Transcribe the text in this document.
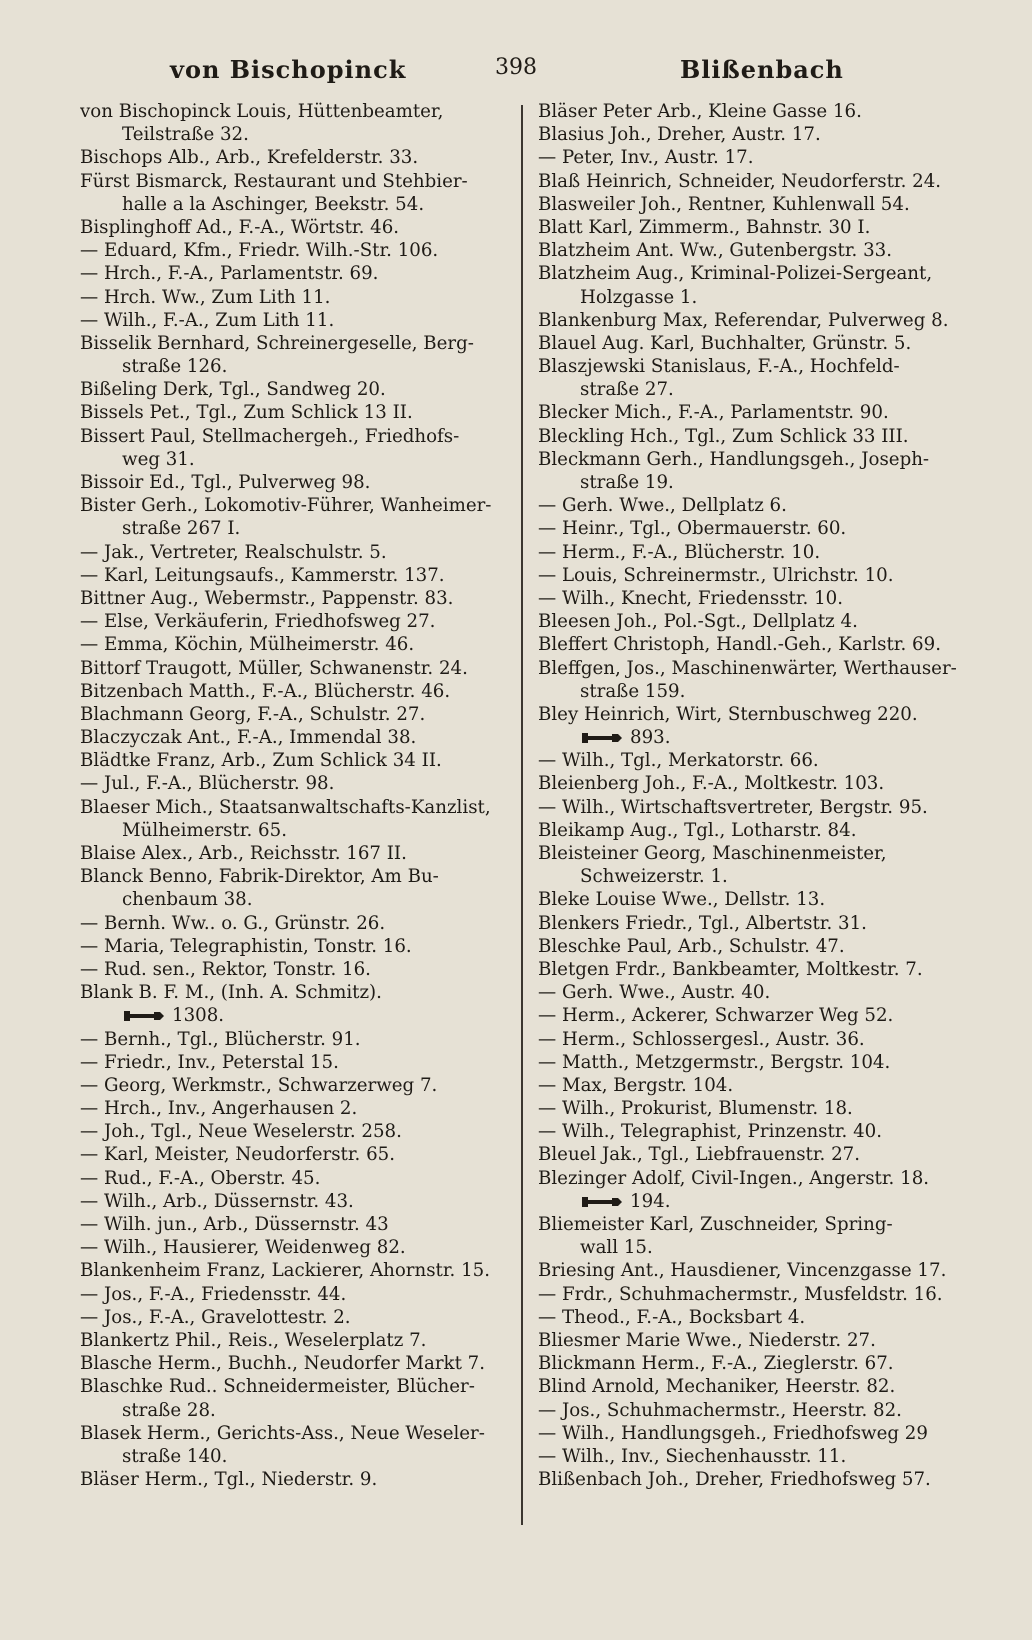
von Bischopinck	398	Blißenbach
von Bischopinck Louis, Hüttenbeamter,
Teilstraße 32.
Bischops Alb., Arb., Krefelderstr. 33.
Fürst Bismarck, Restaurant und Stehbier-
halle a la Aschinger, Beekstr. 54.
Bisplinghoff Ad., F.-A., Wörtstr. 46.
— Eduard, Kfm., Friedr. Wilh.-Str. 106.
— Hrch., F.-A., Parlamentstr. 69.
— Hrch. Ww., Zum Lith 11.
— Wilh., F.-A., Zum Lith 11.
Bisselik Bernhard, Schreinergeselle, Berg-
straße 126.
Bißeling Derk, Tgl., Sandweg 20.
Bissels Pet., Tgl., Zum Schlick 13 II.
Bissert Paul, Stellmachergeh., Friedhofs-
weg 31.
Bissoir Ed., Tgl., Pulverweg 98.
Bister Gerh., Lokomotiv-Führer, Wanheimer-
straße 267 I.
— Jak., Vertreter, Realschulstr. 5.
— Karl, Leitungsaufs., Kammerstr. 137.
Bittner Aug., Webermstr., Pappenstr. 83.
— Else, Verkäuferin, Friedhofsweg 27.
— Emma, Köchin, Mülheimerstr. 46.
Bittorf Traugott, Müller, Schwanenstr. 24.
Bitzenbach Matth., F.-A., Blücherstr. 46.
Blachmann Georg, F.-A., Schulstr. 27.
Blaczyczak Ant., F.-A., Immendal 38.
Blädtke Franz, Arb., Zum Schlick 34 II.
— Jul., F.-A., Blücherstr. 98.
Blaeser Mich., Staatsanwaltschafts-Kanzlist,
Mülheimerstr. 65.
Blaise Alex., Arb., Reichsstr. 167 II.
Blanck Benno, Fabrik-Direktor, Am Bu-
chenbaum 38.
— Bernh. Ww.. o. G., Grünstr. 26.
— Maria, Telegraphistin, Tonstr. 16.
— Rud. sen., Rektor, Tonstr. 16.
Blank B. F. M., (Inh. A. Schmitz).
1308.
— Bernh., Tgl., Blücherstr. 91.
— Friedr., Inv., Peterstal 15.
— Georg, Werkmstr., Schwarzerweg 7.
— Hrch., Inv., Angerhausen 2.
— Joh., Tgl., Neue Weselerstr. 258.
— Karl, Meister, Neudorferstr. 65.
— Rud., F.-A., Oberstr. 45.
— Wilh., Arb., Düssernstr. 43.
— Wilh. jun., Arb., Düssernstr. 43
— Wilh., Hausierer, Weidenweg 82.
Blankenheim Franz, Lackierer, Ahornstr. 15.
— Jos., F.-A., Friedensstr. 44.
— Jos., F.-A., Gravelottestr. 2.
Blankertz Phil., Reis., Weselerplatz 7.
Blasche Herm., Buchh., Neudorfer Markt 7.
Blaschke Rud.. Schneidermeister, Blücher-
straße 28.
Blasek Herm., Gerichts-Ass., Neue Weseler-
straße 140.
Bläser Herm., Tgl., Niederstr. 9.
Bläser Peter Arb., Kleine Gasse 16.
Blasius Joh., Dreher, Austr. 17.
— Peter, Inv., Austr. 17.
Blaß Heinrich, Schneider, Neudorferstr. 24.
Blasweiler Joh., Rentner, Kuhlenwall 54.
Blatt Karl, Zimmerm., Bahnstr. 30 I.
Blatzheim Ant. Ww., Gutenbergstr. 33.
Blatzheim Aug., Kriminal-Polizei-Sergeant,
Holzgasse 1.
Blankenburg Max, Referendar, Pulverweg 8.
Blauel Aug. Karl, Buchhalter, Grünstr. 5.
Blaszjewski Stanislaus, F.-A., Hochfeld-
straße 27.
Blecker Mich., F.-A., Parlamentstr. 90.
Bleckling Hch., Tgl., Zum Schlick 33 III.
Bleckmann Gerh., Handlungsgeh., Joseph-
straße 19.
— Gerh. Wwe., Dellplatz 6.
— Heinr., Tgl., Obermauerstr. 60.
— Herm., F.-A., Blücherstr. 10.
— Louis, Schreinermstr., Ulrichstr. 10.
— Wilh., Knecht, Friedensstr. 10.
Bleesen Joh., Pol.-Sgt., Dellplatz 4.
Bleffert Christoph, Handl.-Geh., Karlstr. 69.
Bleffgen, Jos., Maschinenwärter, Werthauser-
straße 159.
Bley Heinrich, Wirt, Sternbuschweg 220.
893.
— Wilh., Tgl., Merkatorstr. 66.
Bleienberg Joh., F.-A., Moltkestr. 103.
— Wilh., Wirtschaftsvertreter, Bergstr. 95.
Bleikamp Aug., Tgl., Lotharstr. 84.
Bleisteiner Georg, Maschinenmeister,
Schweizerstr. 1.
Bleke Louise Wwe., Dellstr. 13.
Blenkers Friedr., Tgl., Albertstr. 31.
Bleschke Paul, Arb., Schulstr. 47.
Bletgen Frdr., Bankbeamter, Moltkestr. 7.
— Gerh. Wwe., Austr. 40.
— Herm., Ackerer, Schwarzer Weg 52.
— Herm., Schlossergesl., Austr. 36.
— Matth., Metzgermstr., Bergstr. 104.
— Max, Bergstr. 104.
— Wilh., Prokurist, Blumenstr. 18.
— Wilh., Telegraphist, Prinzenstr. 40.
Bleuel Jak., Tgl., Liebfrauenstr. 27.
Blezinger Adolf, Civil-Ingen., Angerstr. 18.
194.
Bliemeister Karl, Zuschneider, Spring-
wall 15.
Briesing Ant., Hausdiener, Vincenzgasse 17.
— Frdr., Schuhmachermstr., Musfeldstr. 16.
— Theod., F.-A., Bocksbart 4.
Bliesmer Marie Wwe., Niederstr. 27.
Blickmann Herm., F.-A., Zieglerstr. 67.
Blind Arnold, Mechaniker, Heerstr. 82.
— Jos., Schuhmachermstr., Heerstr. 82.
— Wilh., Handlungsgeh., Friedhofsweg 29
— Wilh., Inv., Siechenhausstr. 11.
Blißenbach Joh., Dreher, Friedhofsweg 57.
